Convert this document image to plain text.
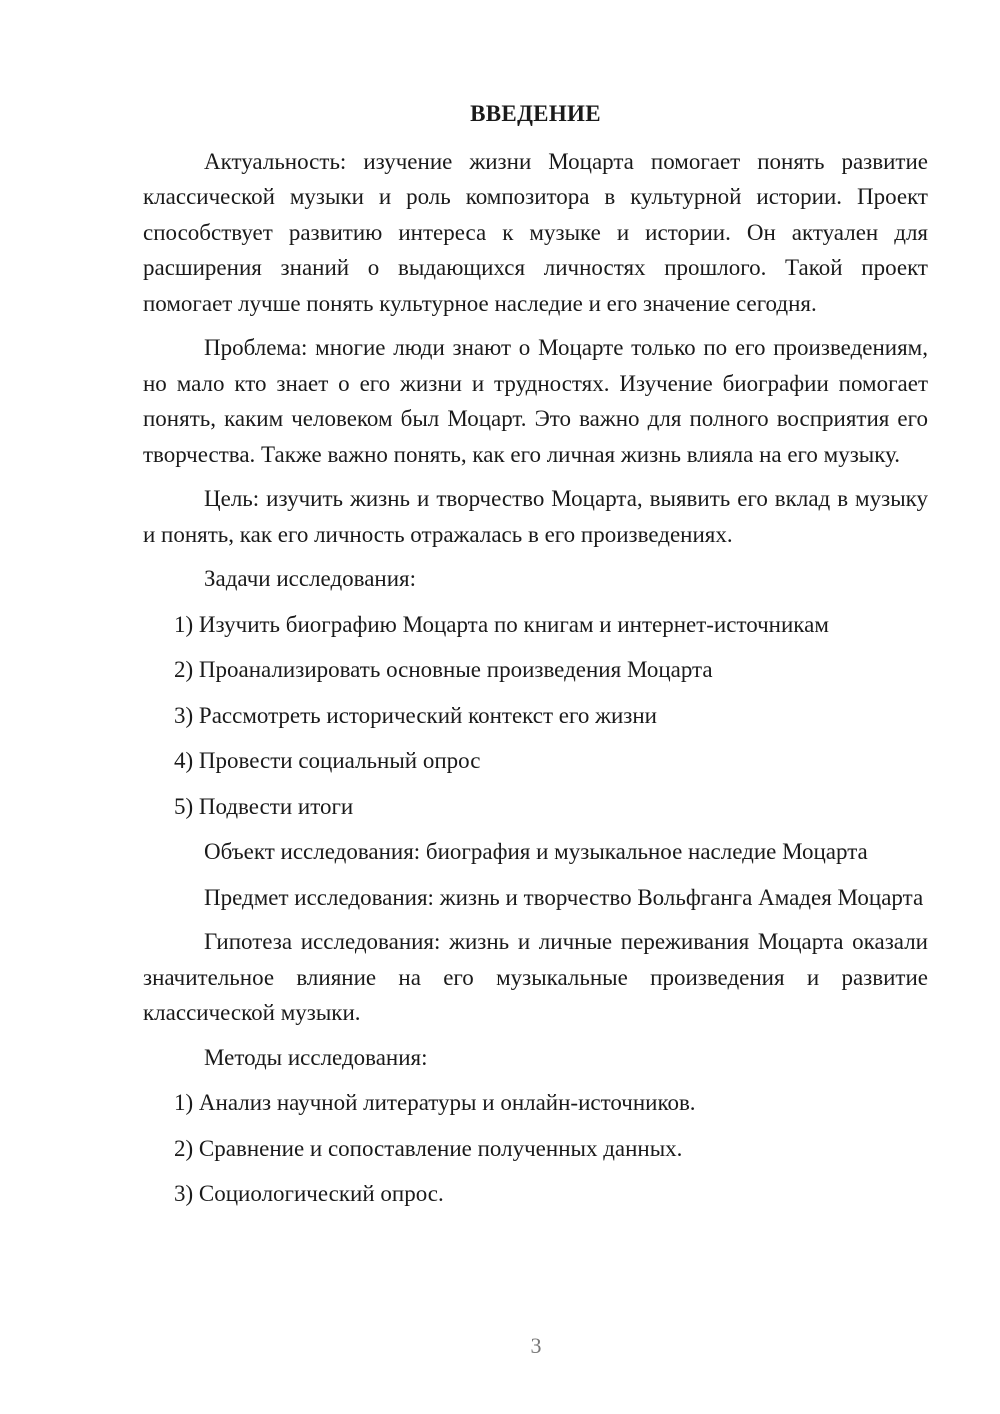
ВВЕДЕНИЕ

Актуальность: изучение жизни Моцарта помогает понять развитие классической музыки и роль композитора в культурной истории. Проект способствует развитию интереса к музыке и истории. Он актуален для расширения знаний о выдающихся личностях прошлого. Такой проект помогает лучше понять культурное наследие и его значение сегодня.

Проблема: многие люди знают о Моцарте только по его произведениям, но мало кто знает о его жизни и трудностях. Изучение биографии помогает понять, каким человеком был Моцарт. Это важно для полного восприятия его творчества. Также важно понять, как его личная жизнь влияла на его музыку.

Цель: изучить жизнь и творчество Моцарта, выявить его вклад в музыку и понять, как его личность отражалась в его произведениях.

Задачи исследования:
1) Изучить биографию Моцарта по книгам и интернет-источникам
2) Проанализировать основные произведения Моцарта
3) Рассмотреть исторический контекст его жизни
4) Провести социальный опрос
5) Подвести итоги
Объект исследования: биография и музыкальное наследие Моцарта

Предмет исследования: жизнь и творчество Вольфганга Амадея Моцарта

Гипотеза исследования: жизнь и личные переживания Моцарта оказали значительное влияние на его музыкальные произведения и развитие классической музыки.

Методы исследования:
1) Анализ научной литературы и онлайн-источников.
2) Сравнение и сопоставление полученных данных.
3) Социологический опрос.
3
